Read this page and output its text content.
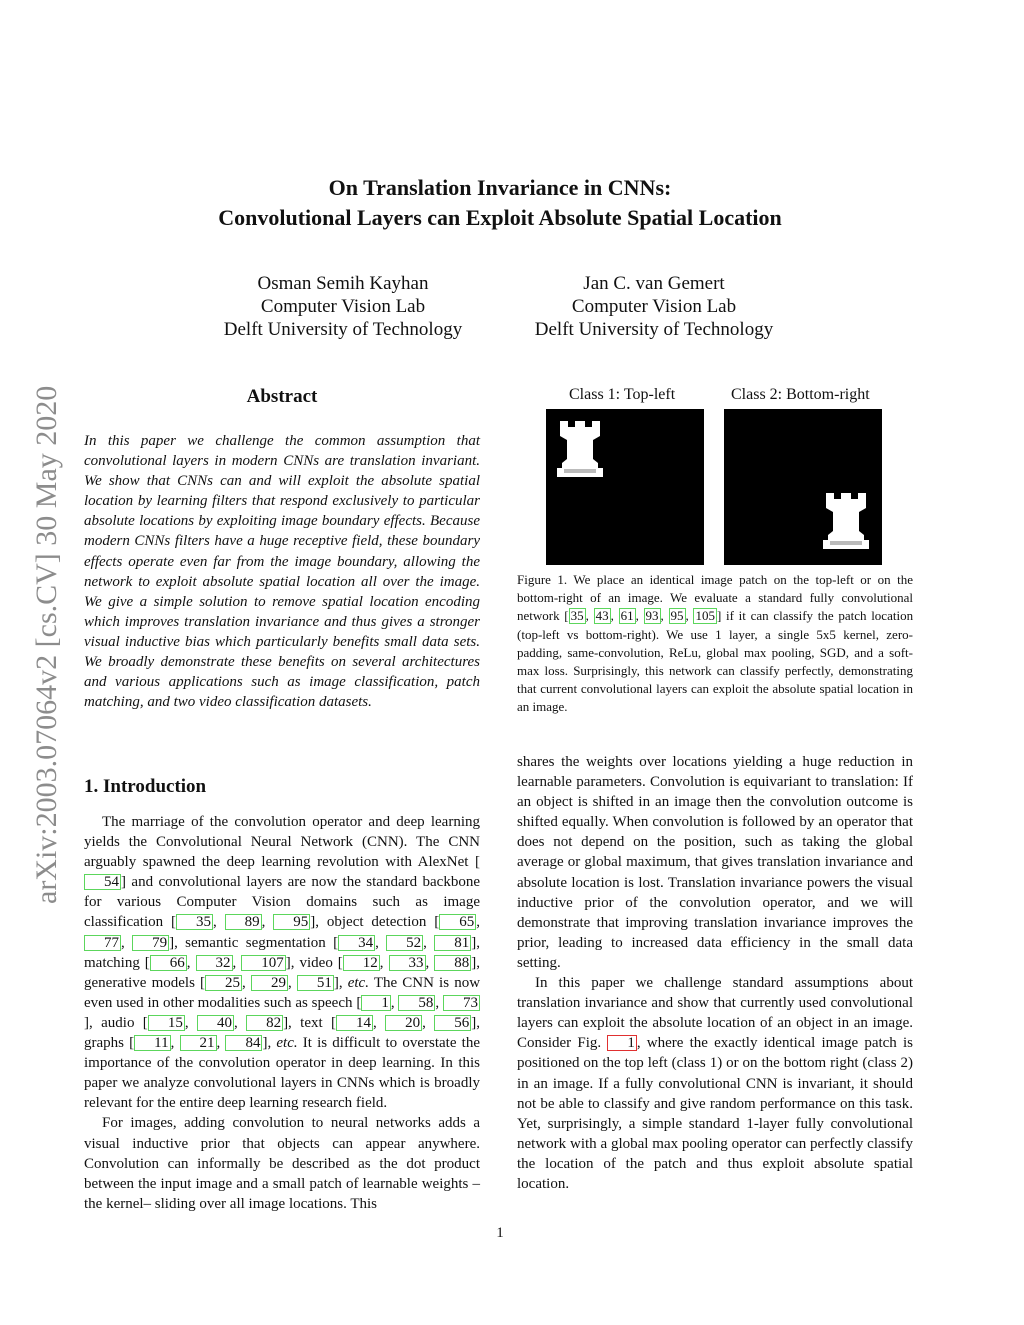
arXiv:2003.07064v2 [cs.CV] 30 May 2020
On Translation Invariance in CNNs:
Convolutional Layers can Exploit Absolute Spatial Location
Osman Semih Kayhan
Computer Vision Lab
Delft University of Technology
Jan C. van Gemert
Computer Vision Lab
Delft University of Technology
Abstract

In this paper we challenge the common assumption that convolutional layers in modern CNNs are translation invariant. We show that CNNs can and will exploit the absolute spatial location by learning filters that respond exclusively to particular absolute locations by exploiting image boundary effects. Because modern CNNs filters have a huge receptive field, these boundary effects operate even far from the image boundary, allowing the network to exploit absolute spatial location all over the image. We give a simple solution to remove spatial location encoding which improves translation invariance and thus gives a stronger visual inductive bias which particularly benefits small data sets. We broadly demonstrate these benefits on several architectures and various applications such as image classification, patch matching, and two video classification datasets.

Class 1: Top-left	Class 2: Bottom-right
Figure 1. We place an identical image patch on the top-left or on the bottom-right of an image. We evaluate a standard fully convolutional network [ 35 , 43 , 61 , 93 , 95 , 105 ] if it can classify the patch location (top-left vs bottom-right). We use 1 layer, a single 5x5 kernel, zero-padding, same-convolution, ReLu, global max pooling, SGD, and a soft-max loss. Surprisingly, this network can classify perfectly, demonstrating that current convolutional layers can exploit the absolute spatial location in an image.
1. Introduction

The marriage of the convolution operator and deep learning yields the Convolutional Neural Network (CNN). The CNN arguably spawned the deep learning revolution with AlexNet [54 ] and convolutional layers are now the standard backbone for various Computer Vision domains such as image classification [ 35 , 89 , 95 ], object detection [ 65 , 77 , 79 ], semantic segmentation [ 34 , 52 , 81 ], matching [ 66 , 32 , 107 ], video [ 12 , 33 , 88 ], generative models [ 25 , 29 , 51 ], etc. The CNN is now even used in other modalities such as speech [ 1 , 58 , 73], audio [ 15 , 40 , 82 ], text [ 14 , 20 , 56 ], graphs [ 11 , 21 , 84 ], etc. It is difficult to overstate the importance of the convolution operator in deep learning. In this paper we analyze convolutional layers in CNNs which is broadly relevant for the entire deep learning research field.

For images, adding convolution to neural networks adds a visual inductive prior that objects can appear anywhere. Convolution can informally be described as the dot product between the input image and a small patch of learnable weights –the kernel– sliding over all image locations. This

shares the weights over locations yielding a huge reduction in learnable parameters. Convolution is equivariant to translation: If an object is shifted in an image then the convolution outcome is shifted equally. When convolution is followed by an operator that does not depend on the position, such as taking the global average or global maximum, that gives translation invariance and absolute location is lost. Translation invariance powers the visual inductive prior of the convolution operator, and we will demonstrate that improving translation invariance improves the prior, leading to increased data efficiency in the small data setting.

In this paper we challenge standard assumptions about translation invariance and show that currently used convolutional layers can exploit the absolute location of an object in an image. Consider Fig. 1 , where the exactly identical image patch is positioned on the top left (class 1) or on the bottom right (class 2) in an image. If a fully convolutional CNN is invariant, it should not be able to classify and give random performance on this task. Yet, surprisingly, a simple standard 1-layer fully convolutional network with a global max pooling operator can perfectly classify the location of the patch and thus exploit absolute spatial location.

1
